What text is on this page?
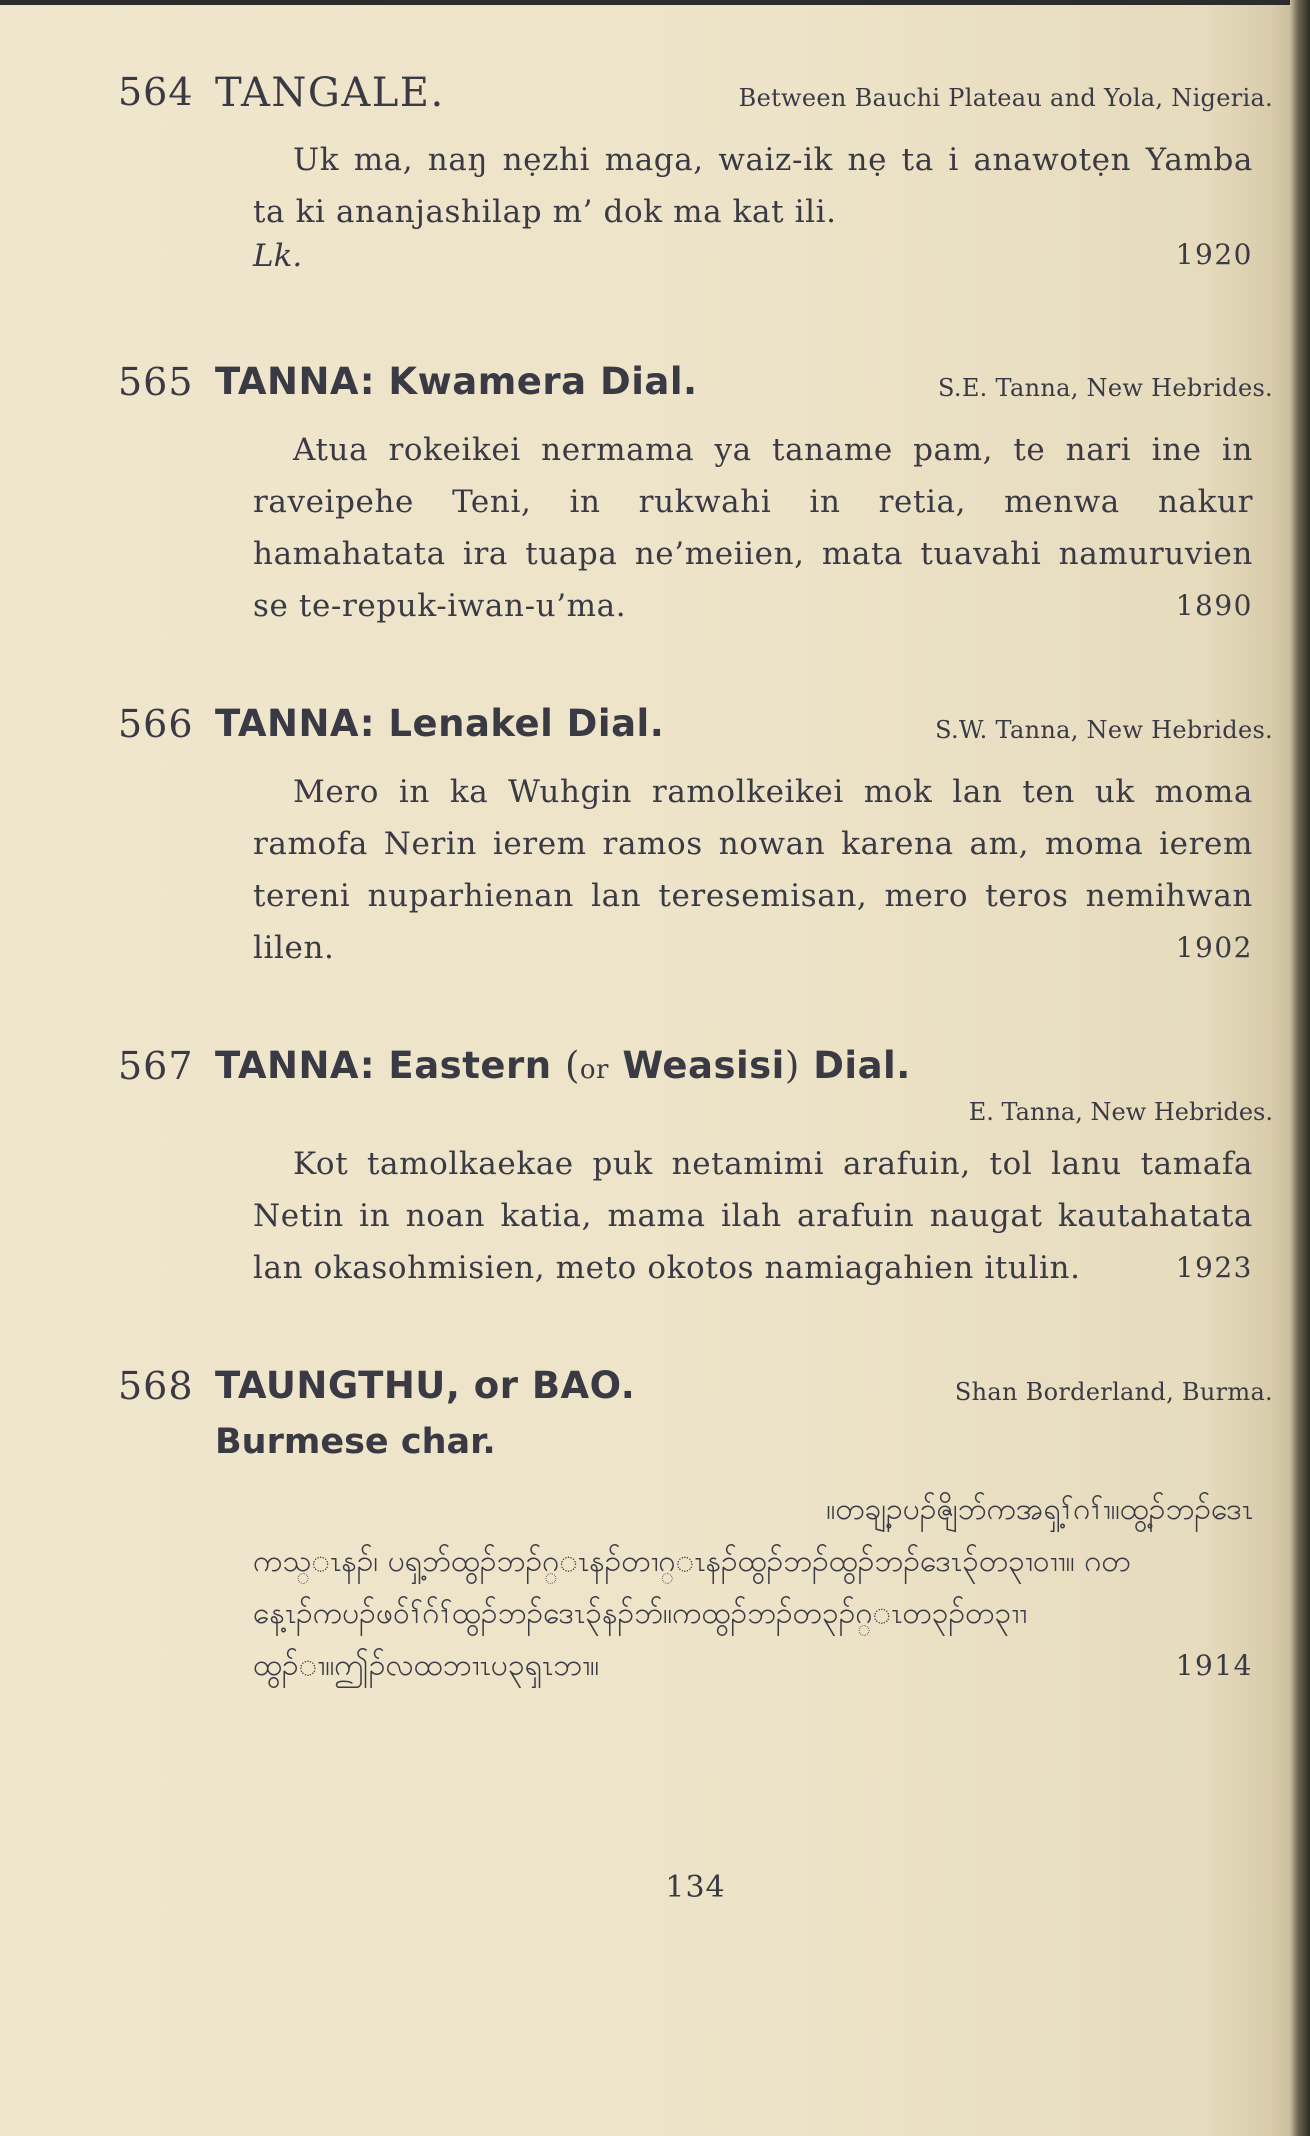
564 TANGALE.	Between Bauchi Plateau and Yola, Nigeria.

Uk ma, naŋ nẹzhi maga, waiz-ik nẹ ta i anawotẹn Yamba ta ki ananjashilap m’ dok ma kat ili.

Lk.	1920
565 TANNA: Kwamera Dial.	S.E. Tanna, New Hebrides.

Atua rokeikei nermama ya taname pam, te nari ine in raveipehe Teni, in rukwahi in retia, menwa nakur hamahatata ira tuapa ne’meiien, mata tuavahi namuruvien se te-repuk-iwan-u’ma.	1890

566 TANNA: Lenakel Dial.	S.W. Tanna, New Hebrides.

Mero in ka Wuhgin ramolkeikei mok lan ten uk moma ramofa Nerin ierem ramos nowan karena am, moma ierem tereni nuparhienan lan teresemisan, mero teros nemihwan lilen.	1902

567 TANNA: Eastern (or Weasisi) Dial.
E. Tanna, New Hebrides.

Kot tamolkaekae puk netamimi arafuin, tol lanu tamafa Netin in noan katia, mama ilah arafuin naugat kautahatata lan okasohmisien, meto okotos namiagahien itulin.	1923

568 TAUNGTHU, or BAO.	Shan Borderland, Burma.
Burmese char.
။တချ့ၣပၣ်ၛိဘ်ကအၡ့ၢ်ဂၢ်ၢ။ထွ့ၣ်ဘၣ်ဒေၤ
ကသ္ၤနၣ်၊ ပၡ့ဘ်ထွၣ်ဘၣ်ဂ္ၤနၣ်တၢဂ္ၤနၣ်ထွၣ်ဘၣ်ထွၣ်ဘၣ်ဒေၤ၃်တ၃ၢ၀ၢၢ။ ဂတ
နေ့ၤၣ်ကပၣ်ဖ၀်ၢ်ဂ်ၢ်ထွၣ်ဘၣ်ဒေၤ၃်နၣ်ဘ်။ကထွၣ်ဘၣ်တ၃ၣ်ဂ္ၤတ၃ၣ်တ၃ၢၢ
ထွၣ်ၢ။ဤၣ်လထဘၢၤပ၃ၡၤဘၢ။	1914
134
